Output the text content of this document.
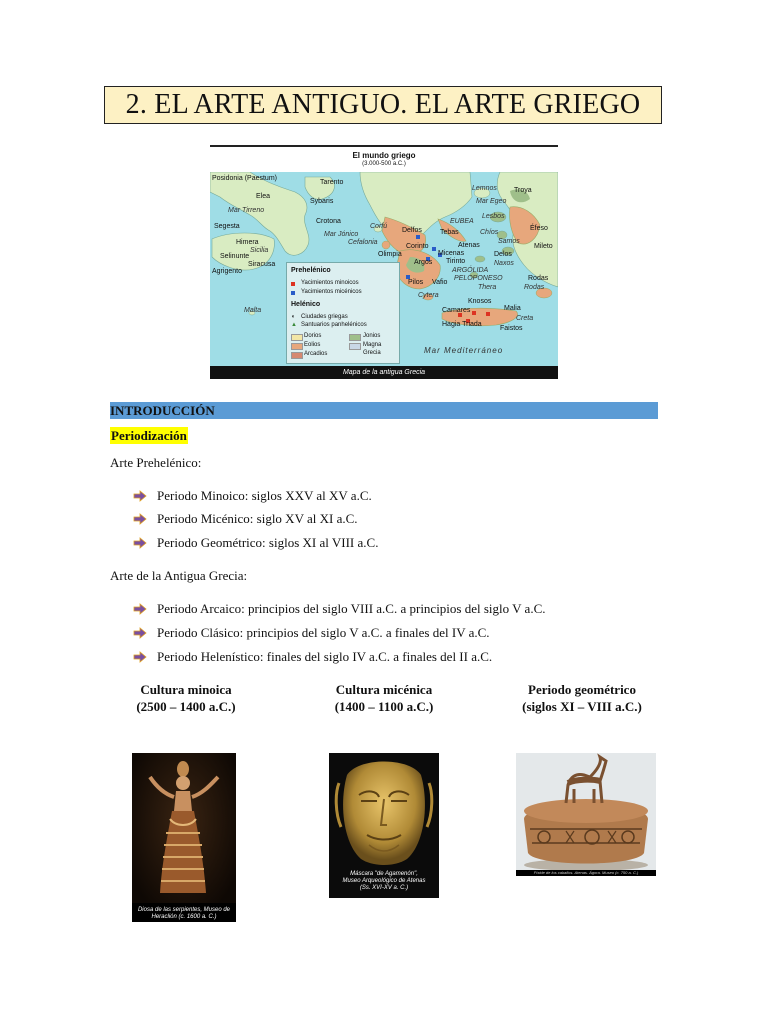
2. EL ARTE ANTIGUO. EL ARTE GRIEGO
El mundo griego
(3.000-500 a.C.)
Posidonia (Paestum)
Tarento
Elea
Sybaris
Mar Tirreno
Crotona
Mar Jónico
Segesta
Himera
Sicilia
Selinunte
Siracusa
Agrigento
Malta
Corfú
Cefalonia
Delfos	Tebas
EUBEA
Corinto
Micenas
Tirinto
Atenas
Olimpia
Argos
ARGÓLIDA
PELOPONESO
Pilos Vafio
Cytera
Lemnos Troya
Mar Egeo
Lesbos
Chíos
Samos
Éfeso
Mileto
Delos
Naxos
Thera
Rodas
Rodas
Knosos
Camares	Malia
Creta
Hagia Triada
Faistos
Mar Mediterráneo
Prehelénico
Yacimientos minoicos
Yacimientos micénicos
Helénico
◖ Ciudades griegas
▲ Santuarios panhelénicos
Dorios	Jonios
Eolios	Magna
Arcadios	Grecia
Mapa de la antigua Grecia
INTRODUCCIÓN
Periodización
Arte Prehelénico:
Periodo Minoico: siglos XXV al XV a.C.
Periodo Micénico: siglo XV al XI a.C.
Periodo Geométrico: siglos XI al VIII a.C.
Arte de la Antigua Grecia:
Periodo Arcaico: principios del siglo VIII a.C. a principios del siglo V a.C.
Periodo Clásico: principios del siglo V a.C. a finales del IV a.C.
Periodo Helenístico: finales del siglo IV a.C. a finales del II a.C.
Cultura minoica
(2500 – 1400 a.C.)
Cultura micénica
(1400 – 1100 a.C.)
Periodo geométrico
(siglos XI – VIII a.C.)
Diosa de las serpientes, Museo de Heraclión (c. 1600 a. C.)
Máscara "de Agamenón",
Museo Arqueológico de Atenas
(Ss. XVI-XV a. C.)
Píxide de los caballos. Atenas. Ágora. Museo (c. 750 a. C.)
